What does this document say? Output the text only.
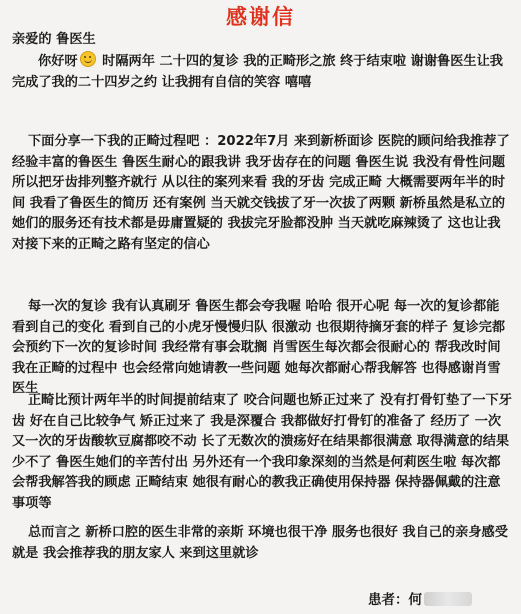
感谢信

亲爱的 鲁医生

你好呀 时隔两年 二十四的复诊 我的正畸形之旅 终于结束啦 谢谢鲁医生让我完成了我的二十四岁之约 让我拥有自信的笑容 嘻嘻

下面分享一下我的正畸过程吧 ：2022年7月 来到新桥面诊 医院的顾问给我推荐了 经验丰富的鲁医生 鲁医生耐心的跟我讲 我牙齿存在的问题 鲁医生说 我没有骨性问题 所以把牙齿排列整齐就行 从以往的案列来看 我的牙齿 完成正畸 大概需要两年半的时间 我看了鲁医生的简历 还有案例 当天就交钱拔了牙一次拔了两颗 新桥虽然是私立的 她们的服务还有技术都是毋庸置疑的 我拔完牙脸都没肿 当天就吃麻辣烫了 这也让我对接下来的正畸之路有坚定的信心

每一次的复诊 我有认真刷牙 鲁医生都会夸我喔 哈哈 很开心呢 每一次的复诊都能看到自己的变化 看到自己的小虎牙慢慢归队 很激动 也很期待摘牙套的样子 复诊完都会预约下一次的复诊时间 我经常有事会耽搁 肖雪医生每次都会很耐心的 帮我改时间 我在正畸的过程中 也会经常向她请教一些问题 她每次都耐心帮我解答 也得感谢肖雪医生

正畸比预计两年半的时间提前结束了 咬合问题也矫正过来了 没有打骨钉垫了一下牙齿 好在自己比较争气 矫正过来了 我是深覆合 我都做好打骨钉的准备了 经历了 一次又一次的牙齿酸软豆腐都咬不动 长了无数次的溃疡好在结果都很满意 取得满意的结果 少不了 鲁医生她们的辛苦付出 另外还有一个我印象深刻的当然是何莉医生啦 每次都会帮我解答我的顾虑 正畸结束 她很有耐心的教我正确使用保持器 保持器佩戴的注意事项等

总而言之 新桥口腔的医生非常的亲斯 环境也很干净 服务也很好 我自己的亲身感受就是 我会推荐我的朋友家人 来到这里就诊

患者：何
